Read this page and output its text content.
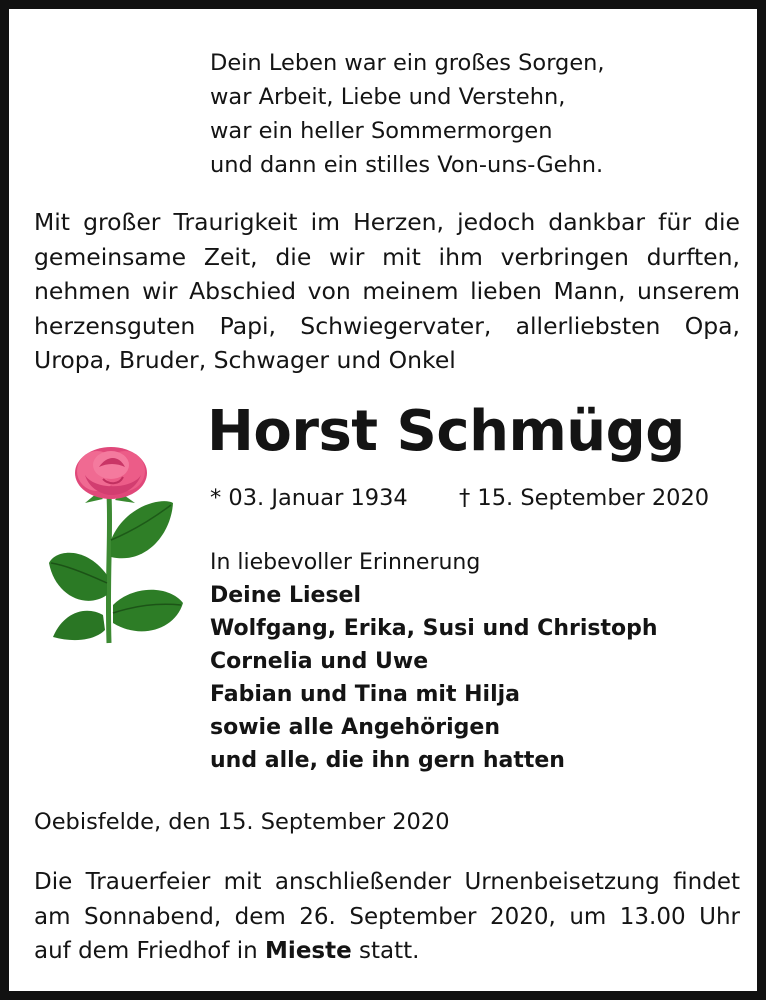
Dein Leben war ein großes Sorgen,
war Arbeit, Liebe und Verstehn,
war ein heller Sommermorgen
und dann ein stilles Von-uns-Gehn.
Mit großer Traurigkeit im Herzen, jedoch dankbar für die
gemeinsame Zeit, die wir mit ihm verbringen durften,
nehmen wir Abschied von meinem lieben Mann, unserem
herzensguten Papi, Schwiegervater, allerliebsten Opa,
Uropa, Bruder, Schwager und Onkel
Horst Schmügg
* 03. Januar 1934 † 15. September 2020
In liebevoller Erinnerung
Deine Liesel
Wolfgang, Erika, Susi und Christoph
Cornelia und Uwe
Fabian und Tina mit Hilja
sowie alle Angehörigen
und alle, die ihn gern hatten
Oebisfelde, den 15. September 2020
Die Trauerfeier mit anschließender Urnenbeisetzung findet
am Sonnabend, dem 26. September 2020, um 13.00 Uhr
auf dem Friedhof in Mieste statt.
